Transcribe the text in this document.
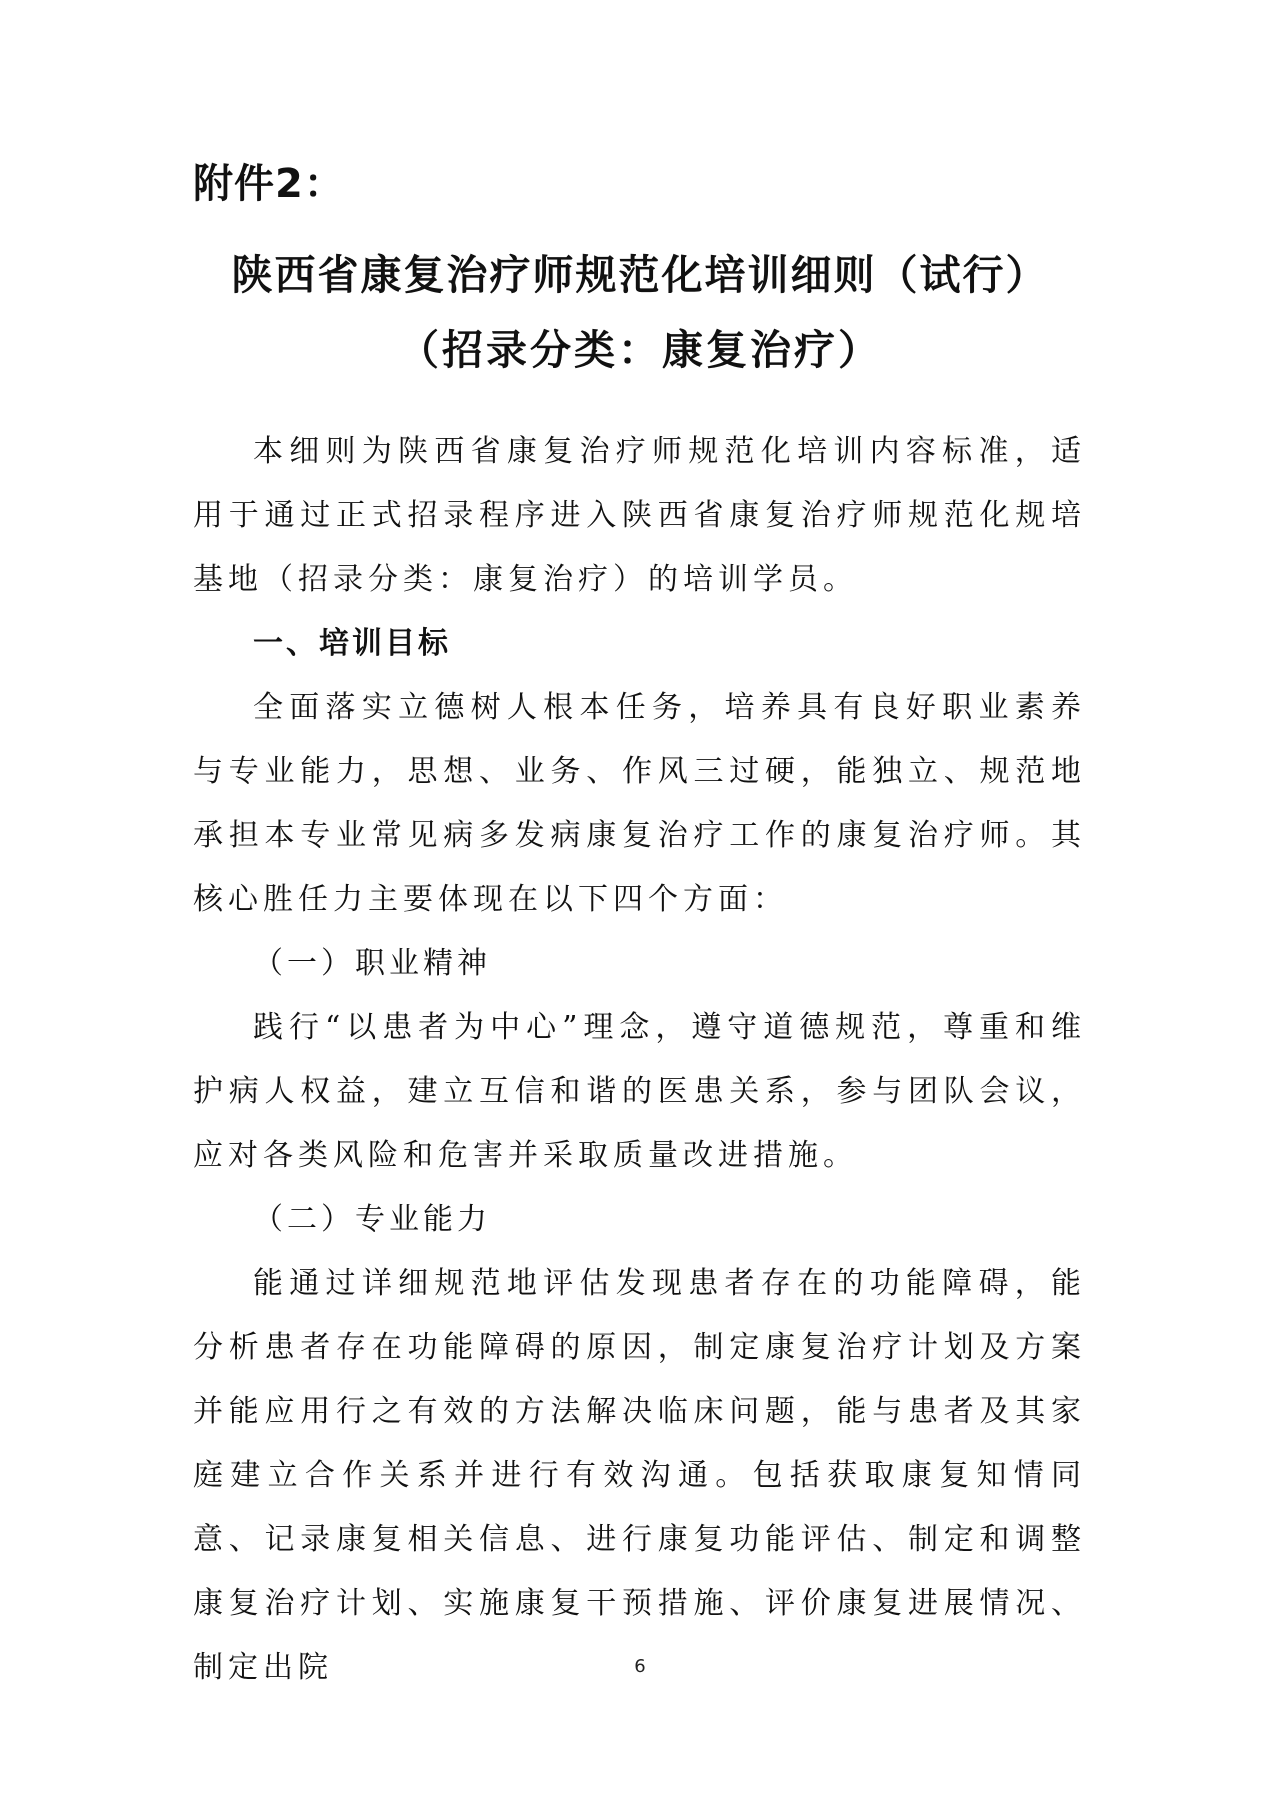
附件2：
陕西省康复治疗师规范化培训细则（试行）
（招录分类：康复治疗）

本细则为陕西省康复治疗师规范化培训内容标准，适用于通过正式招录程序进入陕西省康复治疗师规范化规培基地（招录分类：康复治疗）的培训学员。

一、培训目标

全面落实立德树人根本任务，培养具有良好职业素养与专业能力，思想、业务、作风三过硬，能独立、规范地承担本专业常见病多发病康复治疗工作的康复治疗师。其核心胜任力主要体现在以下四个方面：

（一）职业精神

践行“以患者为中心”理念，遵守道德规范，尊重和维护病人权益，建立互信和谐的医患关系，参与团队会议，应对各类风险和危害并采取质量改进措施。

（二）专业能力

能通过详细规范地评估发现患者存在的功能障碍，能分析患者存在功能障碍的原因，制定康复治疗计划及方案并能应用行之有效的方法解决临床问题，能与患者及其家庭建立合作关系并进行有效沟通。包括获取康复知情同意、记录康复相关信息、进行康复功能评估、制定和调整康复治疗计划、实施康复干预措施、评价康复进展情况、制定出院	6
